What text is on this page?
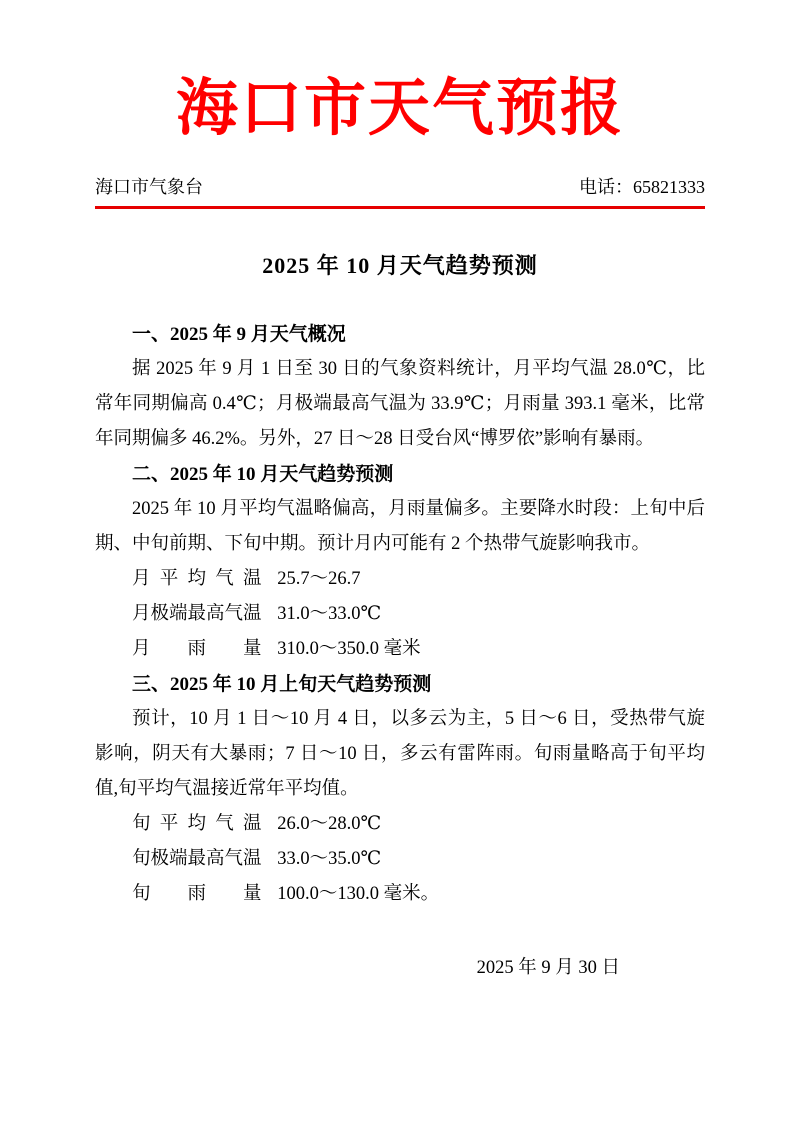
海口市天气预报
海口市气象台	电话：65821333
2025 年 10 月天气趋势预测
一、2025 年 9 月天气概况

据 2025 年 9 月 1 日至 30 日的气象资料统计，月平均气温 28.0℃，比常年同期偏高 0.4℃；月极端最高气温为 33.9℃；月雨量 393.1 毫米，比常年同期偏多 46.2%。另外，27 日～28 日受台风“博罗依”影响有暴雨。

二、2025 年 10 月天气趋势预测

2025 年 10 月平均气温略偏高，月雨量偏多。主要降水时段：上旬中后期、中旬前期、下旬中期。预计月内可能有 2 个热带气旋影响我市。

月平均气温 25.7～26.7
月极端最高气温 31.0～33.0℃
月雨量 310.0～350.0 毫米
三、2025 年 10 月上旬天气趋势预测

预计，10 月 1 日～10 月 4 日，以多云为主，5 日～6 日，受热带气旋影响，阴天有大暴雨；7 日～10 日，多云有雷阵雨。旬雨量略高于旬平均值,旬平均气温接近常年平均值。

旬平均气温 26.0～28.0℃
旬极端最高气温 33.0～35.0℃
旬雨量 100.0～130.0 毫米。
2025 年 9 月 30 日
